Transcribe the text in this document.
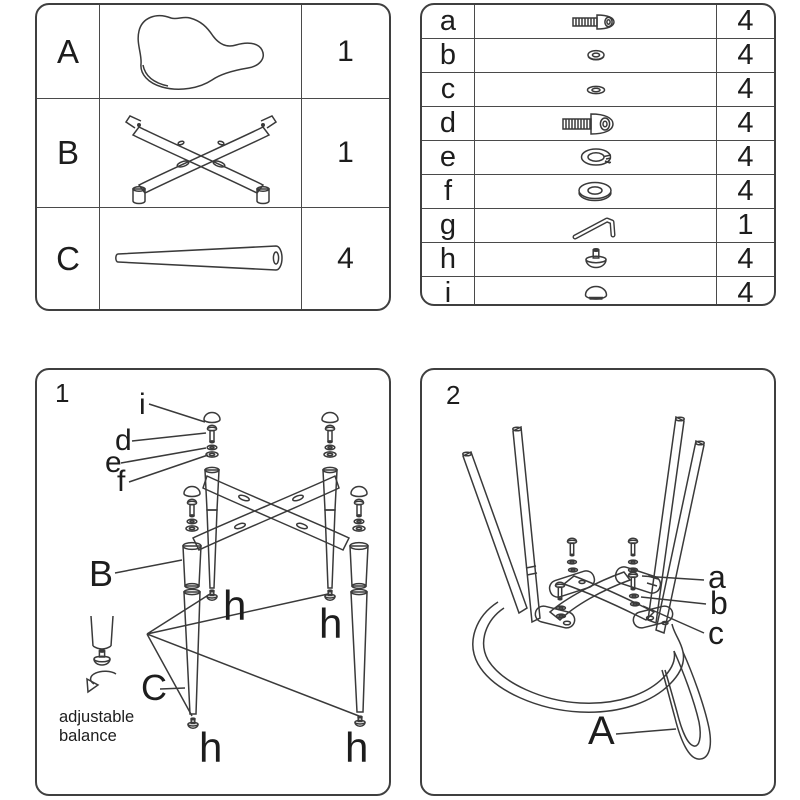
A	1
B	1
C	4
a	4
b	4
c	4
d	4
e	4
f	4
g	1
h	4
i	4
1 i
d
e
f
B
C
h h
h	h
adjustable
balance
2
a
b
c
A
